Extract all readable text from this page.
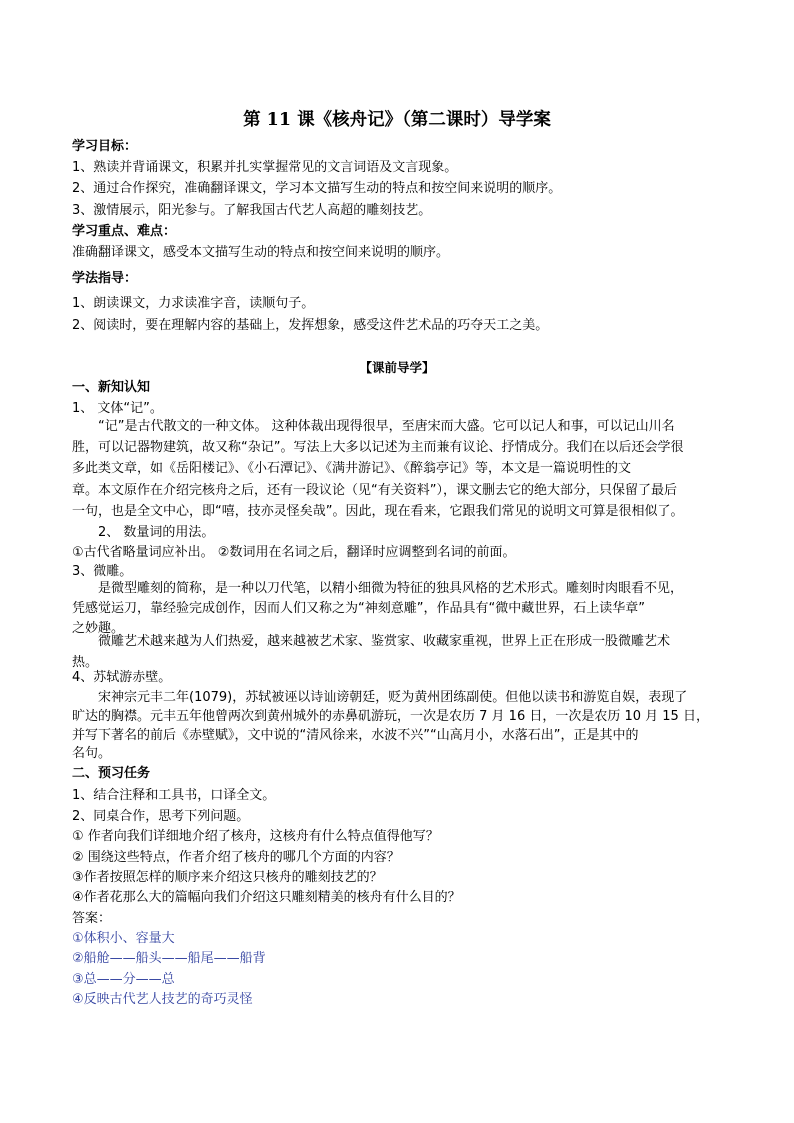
第 11 课《核舟记》（第二课时）导学案
学习目标：
1、熟读并背诵课文，积累并扎实掌握常见的文言词语及文言现象。
2、通过合作探究，准确翻译课文，学习本文描写生动的特点和按空间来说明的顺序。
3、激情展示，阳光参与。了解我国古代艺人高超的雕刻技艺。
学习重点、难点：
准确翻译课文，感受本文描写生动的特点和按空间来说明的顺序。
学法指导：
1、朗读课文，力求读准字音，读顺句子。
2、阅读时，要在理解内容的基础上，发挥想象，感受这件艺术品的巧夺天工之美。
【课前导学】
一、新知认知
1、 文体“记”。
“记”是古代散文的一种文体。 这种体裁出现得很早，至唐宋而大盛。它可以记人和事，可以记山川名
胜，可以记器物建筑，故又称“杂记”。写法上大多以记述为主而兼有议论、抒情成分。我们在以后还会学很
多此类文章，如《岳阳楼记》、《小石潭记》、《满井游记》、《醉翁亭记》等，本文是一篇说明性的文
章。本文原作在介绍完核舟之后，还有一段议论（见“有关资料”），课文删去它的绝大部分，只保留了最后
一句，也是全文中心，即“嘻，技亦灵怪矣哉”。因此，现在看来，它跟我们常见的说明文可算是很相似了。
2、 数量词的用法。
①古代省略量词应补出。 ②数词用在名词之后，翻译时应调整到名词的前面。
3、微雕。
是微型雕刻的简称，是一种以刀代笔，以精小细微为特征的独具风格的艺术形式。雕刻时肉眼看不见，
凭感觉运刀，靠经验完成创作，因而人们又称之为“神刻意雕”，作品具有“微中藏世界，石上读华章”
之妙趣。
微雕艺术越来越为人们热爱，越来越被艺术家、鉴赏家、收藏家重视，世界上正在形成一股微雕艺术
热。
4、苏轼游赤壁。
宋神宗元丰二年(1079)，苏轼被诬以诗讪谤朝廷，贬为黄州团练副使。但他以读书和游览自娱，表现了
旷达的胸襟。元丰五年他曾两次到黄州城外的赤鼻矶游玩，一次是农历 7 月 16 日，一次是农历 10 月 15 日，
并写下著名的前后《赤壁赋》，文中说的“清风徐来，水波不兴”“山高月小，水落石出”，正是其中的
名句。
二、预习任务
1、结合注释和工具书，口译全文。
2、同桌合作，思考下列问题。
① 作者向我们详细地介绍了核舟，这核舟有什么特点值得他写？
② 围绕这些特点，作者介绍了核舟的哪几个方面的内容？
③作者按照怎样的顺序来介绍这只核舟的雕刻技艺的？
④作者花那么大的篇幅向我们介绍这只雕刻精美的核舟有什么目的？
答案：
①体积小、容量大
②船舱——船头——船尾——船背
③总——分——总
④反映古代艺人技艺的奇巧灵怪
